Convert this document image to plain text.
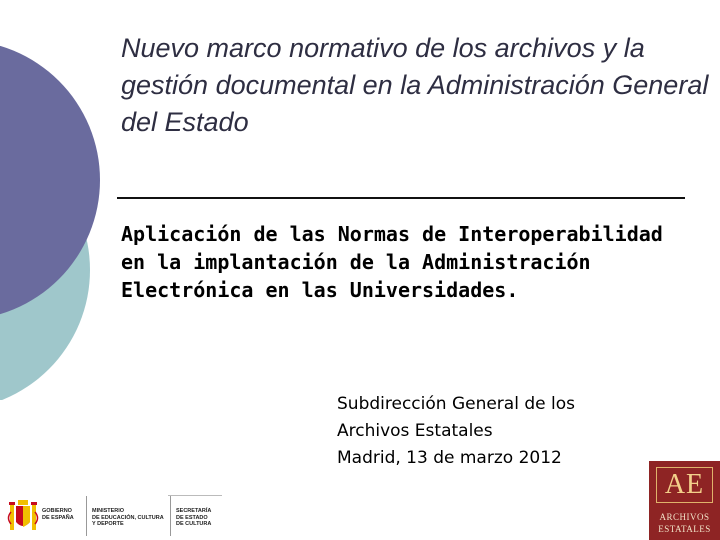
Nuevo marco normativo de los archivos y la gestión documental en la Administración General del Estado
Aplicación de las Normas de Interoperabilidad en la implantación de la Administración Electrónica en las Universidades.
Subdirección General de los
Archivos Estatales
Madrid, 13 de marzo 2012
GOBIERNO
DE ESPAÑA
MINISTERIO
DE EDUCACIÓN, CULTURA
Y DEPORTE
SECRETARÍA
DE ESTADO
DE CULTURA
AE
ARCHIVOS
ESTATALES
